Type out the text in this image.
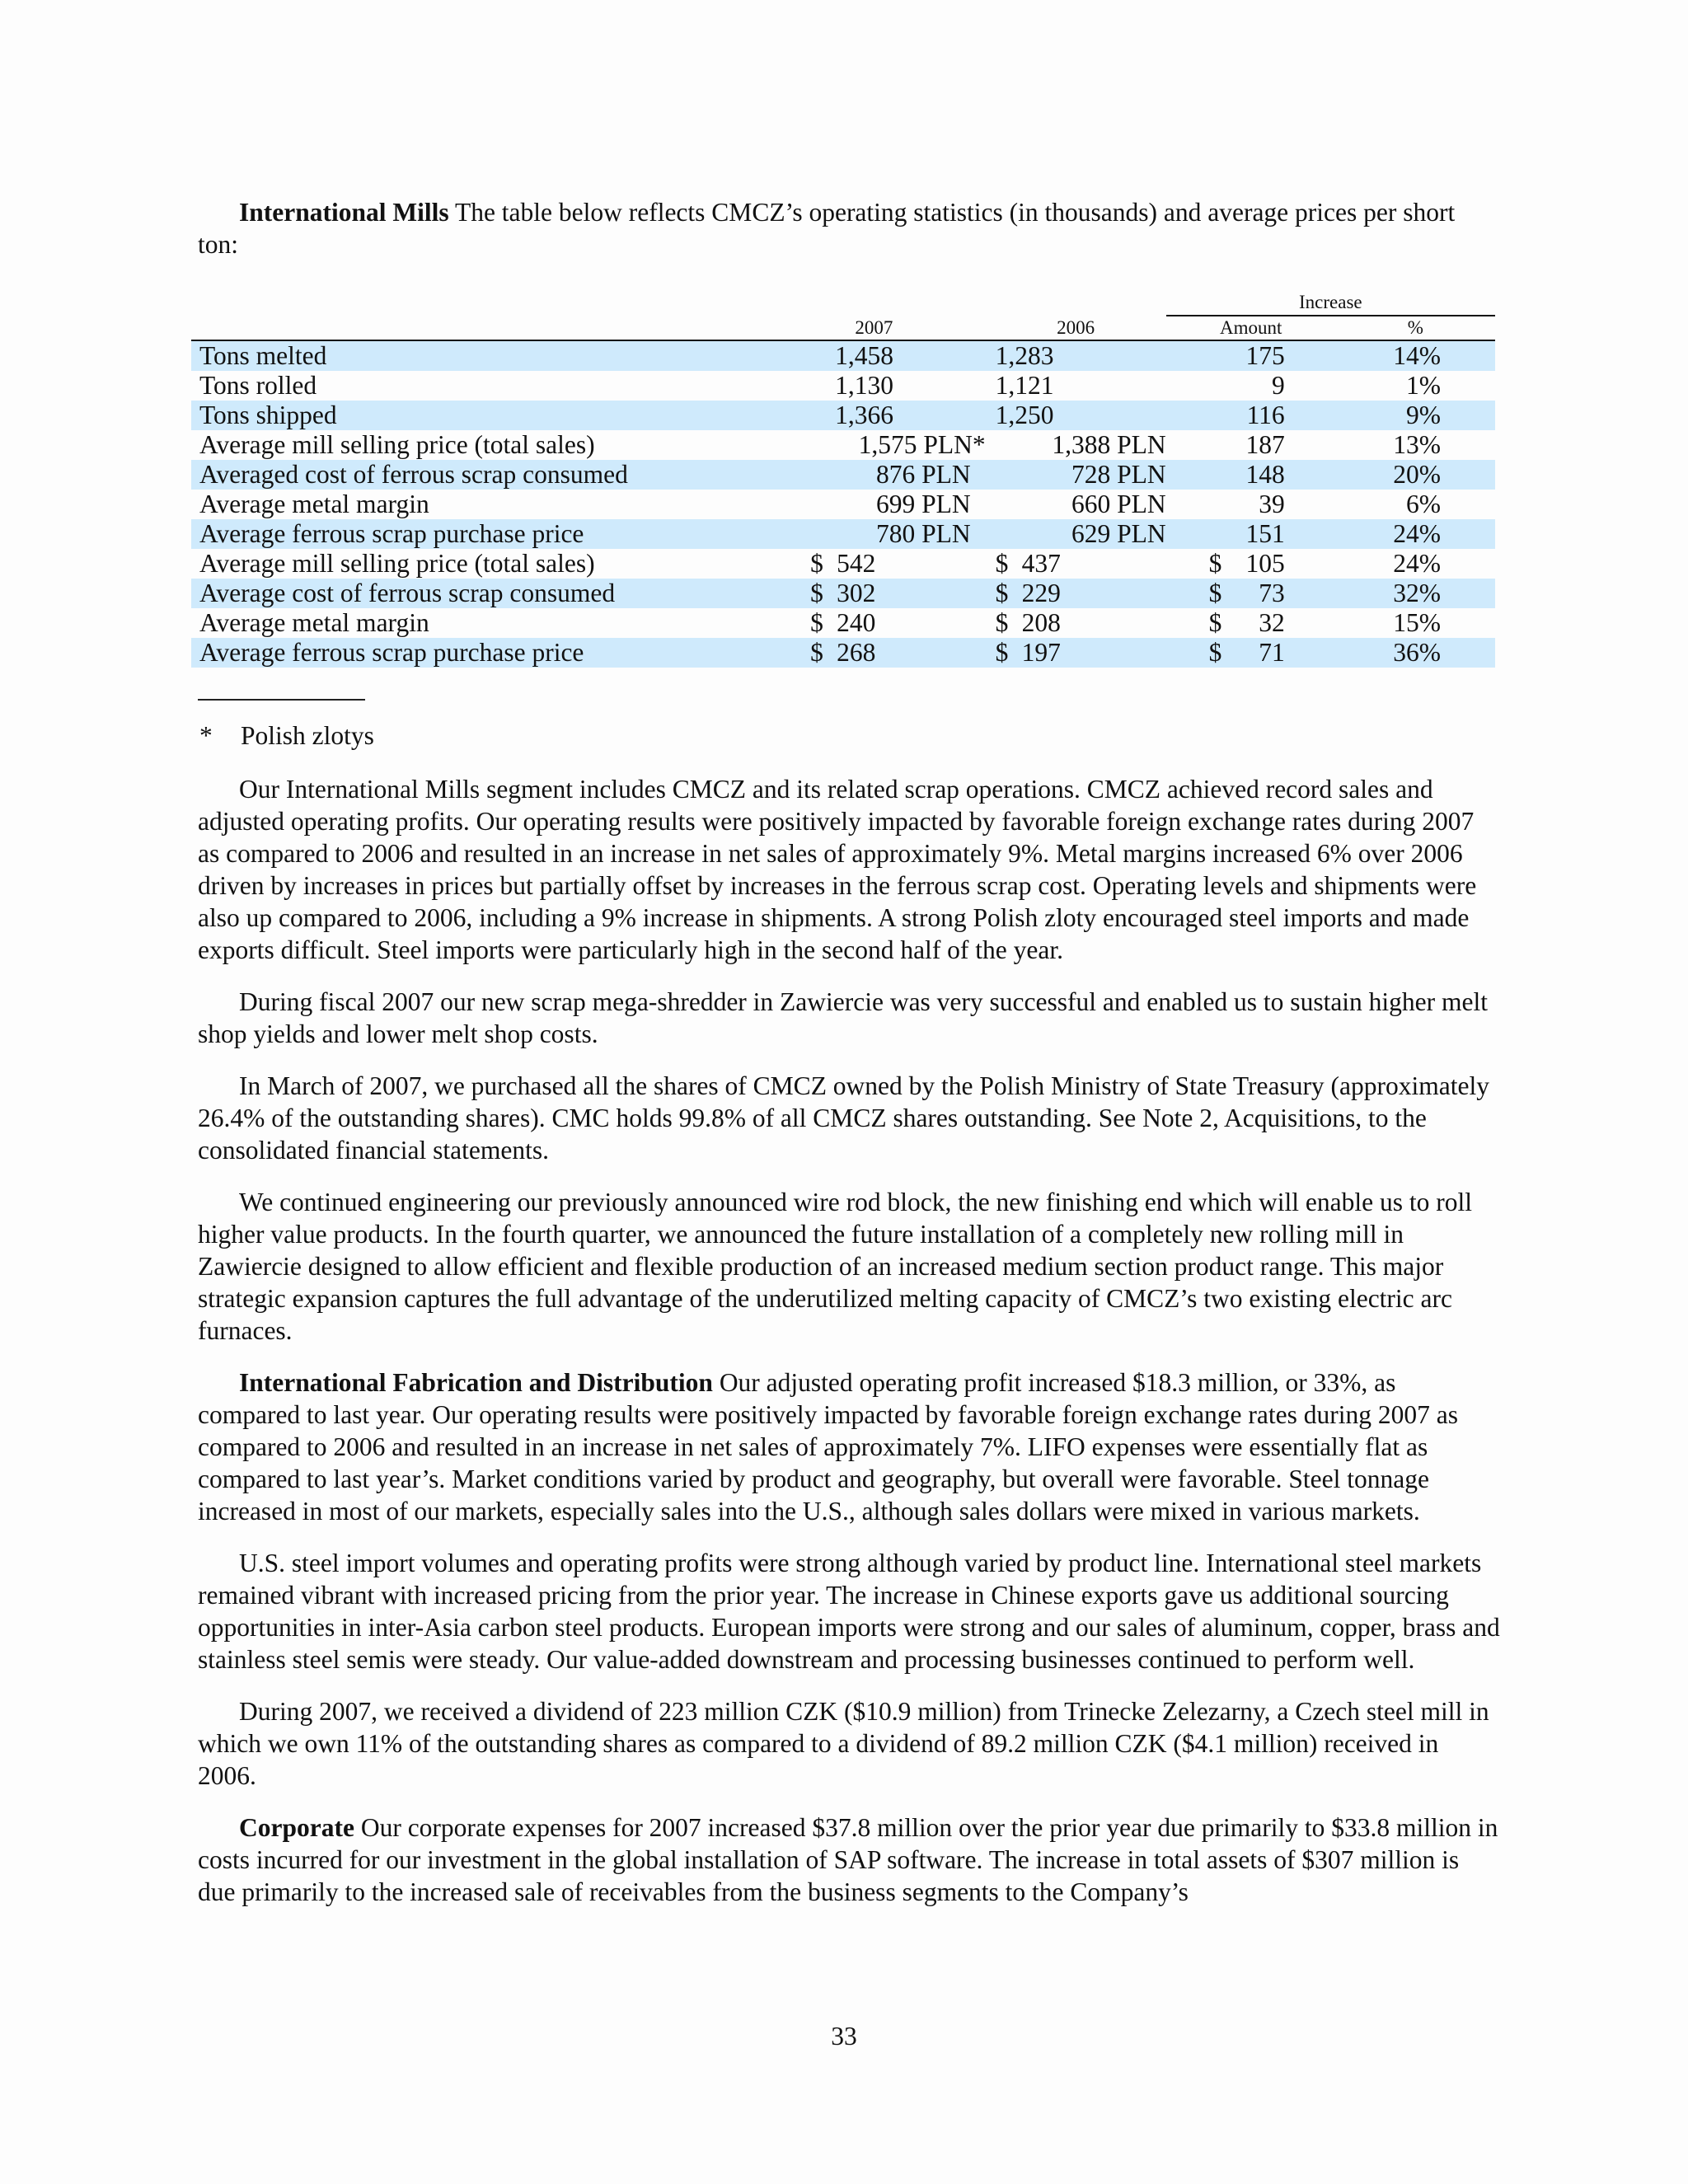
International Mills The table below reflects CMCZ’s operating statistics (in thousands) and average prices per short ton:

			Increase	
	2007	2006	Amount	%
Tons melted	1,458	1,283	175	14%
Tons rolled	1,130	1,121	9	1%
Tons shipped	1,366	1,250	116	9%
Average mill selling price (total sales)	1,575 PLN*	1,388 PLN	187	13%
Averaged cost of ferrous scrap consumed	876 PLN	728 PLN	148	20%
Average metal margin	699 PLN	660 PLN	39	6%
Average ferrous scrap purchase price	780 PLN	629 PLN	151	24%
Average mill selling price (total sales)	$ 542	$ 437	$ 105	24%
Average cost of ferrous scrap consumed	$ 302	$ 229	$ 73	32%
Average metal margin	$ 240	$ 208	$ 32	15%
Average ferrous scrap purchase price	$ 268	$ 197	$ 71	36%
* Polish zlotys

Our International Mills segment includes CMCZ and its related scrap operations. CMCZ achieved record sales and adjusted operating profits. Our operating results were positively impacted by favorable foreign exchange rates during 2007 as compared to 2006 and resulted in an increase in net sales of approximately 9%. Metal margins increased 6% over 2006 driven by increases in prices but partially offset by increases in the ferrous scrap cost. Operating levels and shipments were also up compared to 2006, including a 9% increase in shipments. A strong Polish zloty encouraged steel imports and made exports difficult. Steel imports were particularly high in the second half of the year.

During fiscal 2007 our new scrap mega-shredder in Zawiercie was very successful and enabled us to sustain higher melt shop yields and lower melt shop costs.

In March of 2007, we purchased all the shares of CMCZ owned by the Polish Ministry of State Treasury (approximately 26.4% of the outstanding shares). CMC holds 99.8% of all CMCZ shares outstanding. See Note 2, Acquisitions, to the consolidated financial statements.

We continued engineering our previously announced wire rod block, the new finishing end which will enable us to roll higher value products. In the fourth quarter, we announced the future installation of a completely new rolling mill in Zawiercie designed to allow efficient and flexible production of an increased medium section product range. This major strategic expansion captures the full advantage of the underutilized melting capacity of CMCZ’s two existing electric arc furnaces.

International Fabrication and Distribution Our adjusted operating profit increased $18.3 million, or 33%, as compared to last year. Our operating results were positively impacted by favorable foreign exchange rates during 2007 as compared to 2006 and resulted in an increase in net sales of approximately 7%. LIFO expenses were essentially flat as compared to last year’s. Market conditions varied by product and geography, but overall were favorable. Steel tonnage increased in most of our markets, especially sales into the U.S., although sales dollars were mixed in various markets.

U.S. steel import volumes and operating profits were strong although varied by product line. International steel markets remained vibrant with increased pricing from the prior year. The increase in Chinese exports gave us additional sourcing opportunities in inter-Asia carbon steel products. European imports were strong and our sales of aluminum, copper, brass and stainless steel semis were steady. Our value-added downstream and processing businesses continued to perform well.

During 2007, we received a dividend of 223 million CZK ($10.9 million) from Trinecke Zelezarny, a Czech steel mill in which we own 11% of the outstanding shares as compared to a dividend of 89.2 million CZK ($4.1 million) received in 2006.

Corporate Our corporate expenses for 2007 increased $37.8 million over the prior year due primarily to $33.8 million in costs incurred for our investment in the global installation of SAP software. The increase in total assets of $307 million is due primarily to the increased sale of receivables from the business segments to the Company’s

33
